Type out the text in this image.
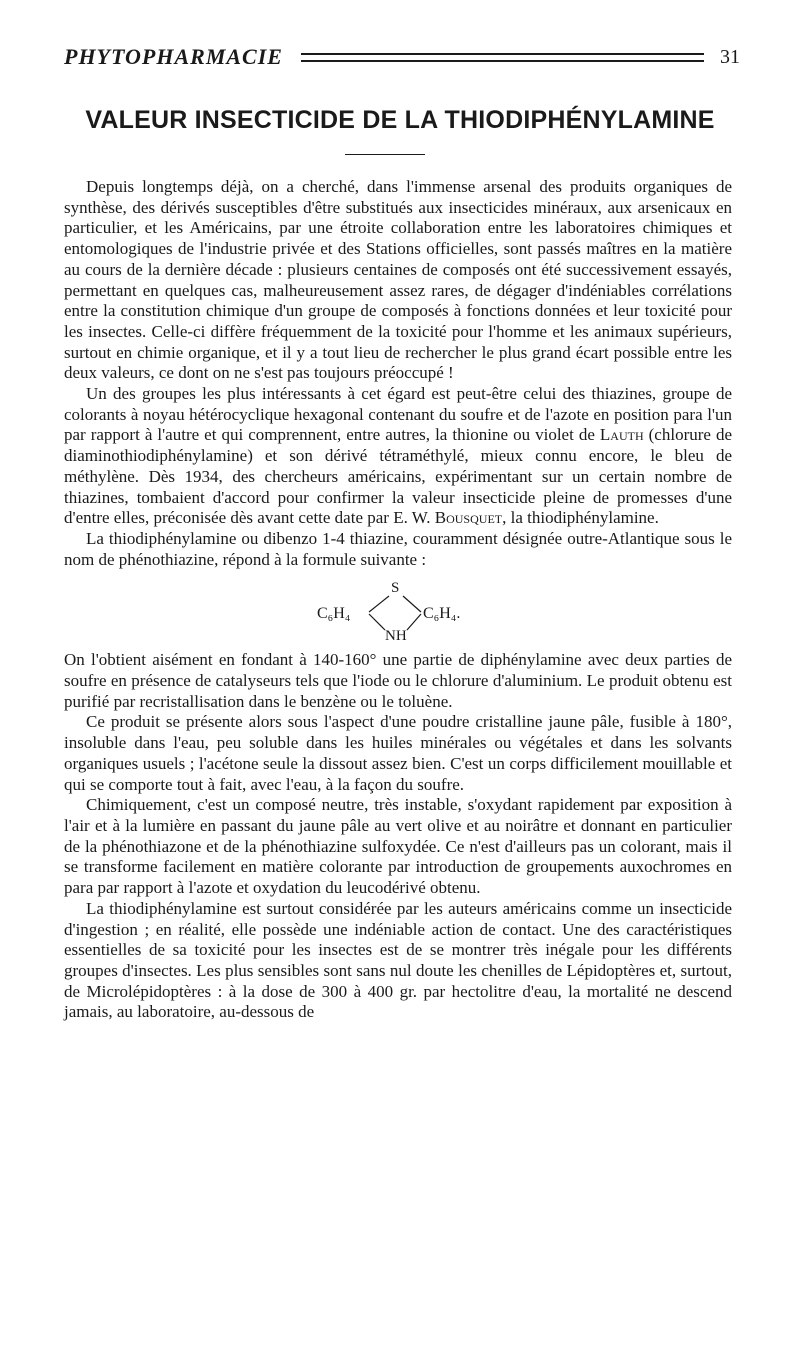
PHYTOPHARMACIE	31
VALEUR INSECTICIDE DE LA THIODIPHÉNYLAMINE

Depuis longtemps déjà, on a cherché, dans l'immense arsenal des produits organiques de synthèse, des dérivés susceptibles d'être substitués aux insecticides minéraux, aux arsenicaux en particulier, et les Américains, par une étroite collaboration entre les laboratoires chimiques et entomologiques de l'industrie privée et des Stations officielles, sont passés maîtres en la matière au cours de la dernière décade : plusieurs centaines de composés ont été successivement essayés, permettant en quelques cas, malheureusement assez rares, de dégager d'indéniables corrélations entre la constitution chimique d'un groupe de composés à fonctions données et leur toxicité pour les insectes. Celle-ci diffère fréquemment de la toxicité pour l'homme et les animaux supérieurs, surtout en chimie organique, et il y a tout lieu de rechercher le plus grand écart possible entre les deux valeurs, ce dont on ne s'est pas toujours préoccupé !

Un des groupes les plus intéressants à cet égard est peut-être celui des thiazines, groupe de colorants à noyau hétérocyclique hexagonal contenant du soufre et de l'azote en position para l'un par rapport à l'autre et qui comprennent, entre autres, la thionine ou violet de Lauth (chlorure de diaminothiodiphénylamine) et son dérivé tétraméthylé, mieux connu encore, le bleu de méthylène. Dès 1934, des chercheurs américains, expérimentant sur un certain nombre de thiazines, tombaient d'accord pour confirmer la valeur insecticide pleine de promesses d'une d'entre elles, préconisée dès avant cette date par E. W. Bousquet, la thiodiphénylamine.

La thiodiphénylamine ou dibenzo 1-4 thiazine, couramment désignée outre-Atlantique sous le nom de phénothiazine, répond à la formule suivante :

C₆H₄
S
NH
C₆H₄.

On l'obtient aisément en fondant à 140-160° une partie de diphénylamine avec deux parties de soufre en présence de catalyseurs tels que l'iode ou le chlorure d'aluminium. Le produit obtenu est purifié par recristallisation dans le benzène ou le toluène.

Ce produit se présente alors sous l'aspect d'une poudre cristalline jaune pâle, fusible à 180°, insoluble dans l'eau, peu soluble dans les huiles minérales ou végétales et dans les solvants organiques usuels ; l'acétone seule la dissout assez bien. C'est un corps difficilement mouillable et qui se comporte tout à fait, avec l'eau, à la façon du soufre.

Chimiquement, c'est un composé neutre, très instable, s'oxydant rapidement par exposition à l'air et à la lumière en passant du jaune pâle au vert olive et au noirâtre et donnant en particulier de la phénothiazone et de la phénothiazine sulfoxydée. Ce n'est d'ailleurs pas un colorant, mais il se transforme facilement en matière colorante par introduction de groupements auxochromes en para par rapport à l'azote et oxydation du leucodérivé obtenu.

La thiodiphénylamine est surtout considérée par les auteurs américains comme un insecticide d'ingestion ; en réalité, elle possède une indéniable action de contact. Une des caractéristiques essentielles de sa toxicité pour les insectes est de se montrer très inégale pour les différents groupes d'insectes. Les plus sensibles sont sans nul doute les chenilles de Lépidoptères et, surtout, de Microlépidoptères : à la dose de 300 à 400 gr. par hectolitre d'eau, la mortalité ne descend jamais, au laboratoire, au-dessous de
